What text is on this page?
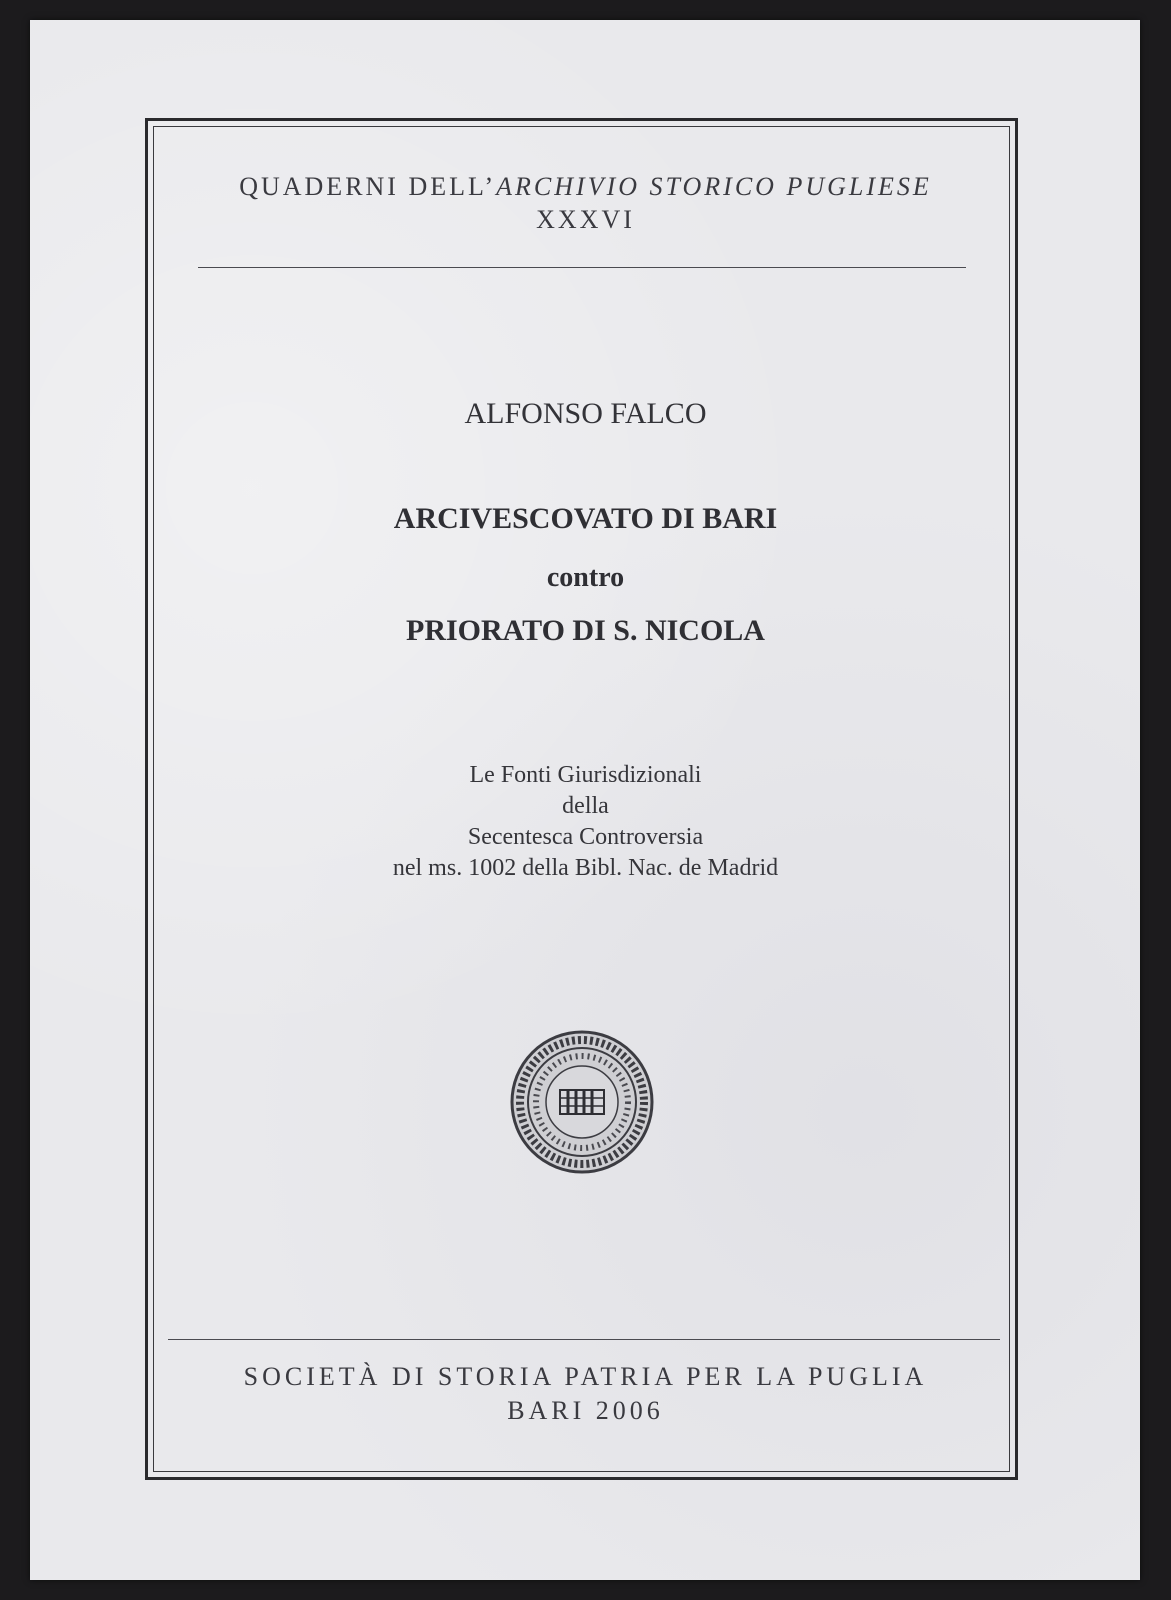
QUADERNI DELL’ARCHIVIO STORICO PUGLIESE
XXXVI
ALFONSO FALCO
ARCIVESCOVATO DI BARI
contro
PRIORATO DI S. NICOLA
Le Fonti Giurisdizionali
della
Secentesca Controversia
nel ms. 1002 della Bibl. Nac. de Madrid
SOCIETÀ DI STORIA PATRIA PER LA PUGLIA
BARI 2006
